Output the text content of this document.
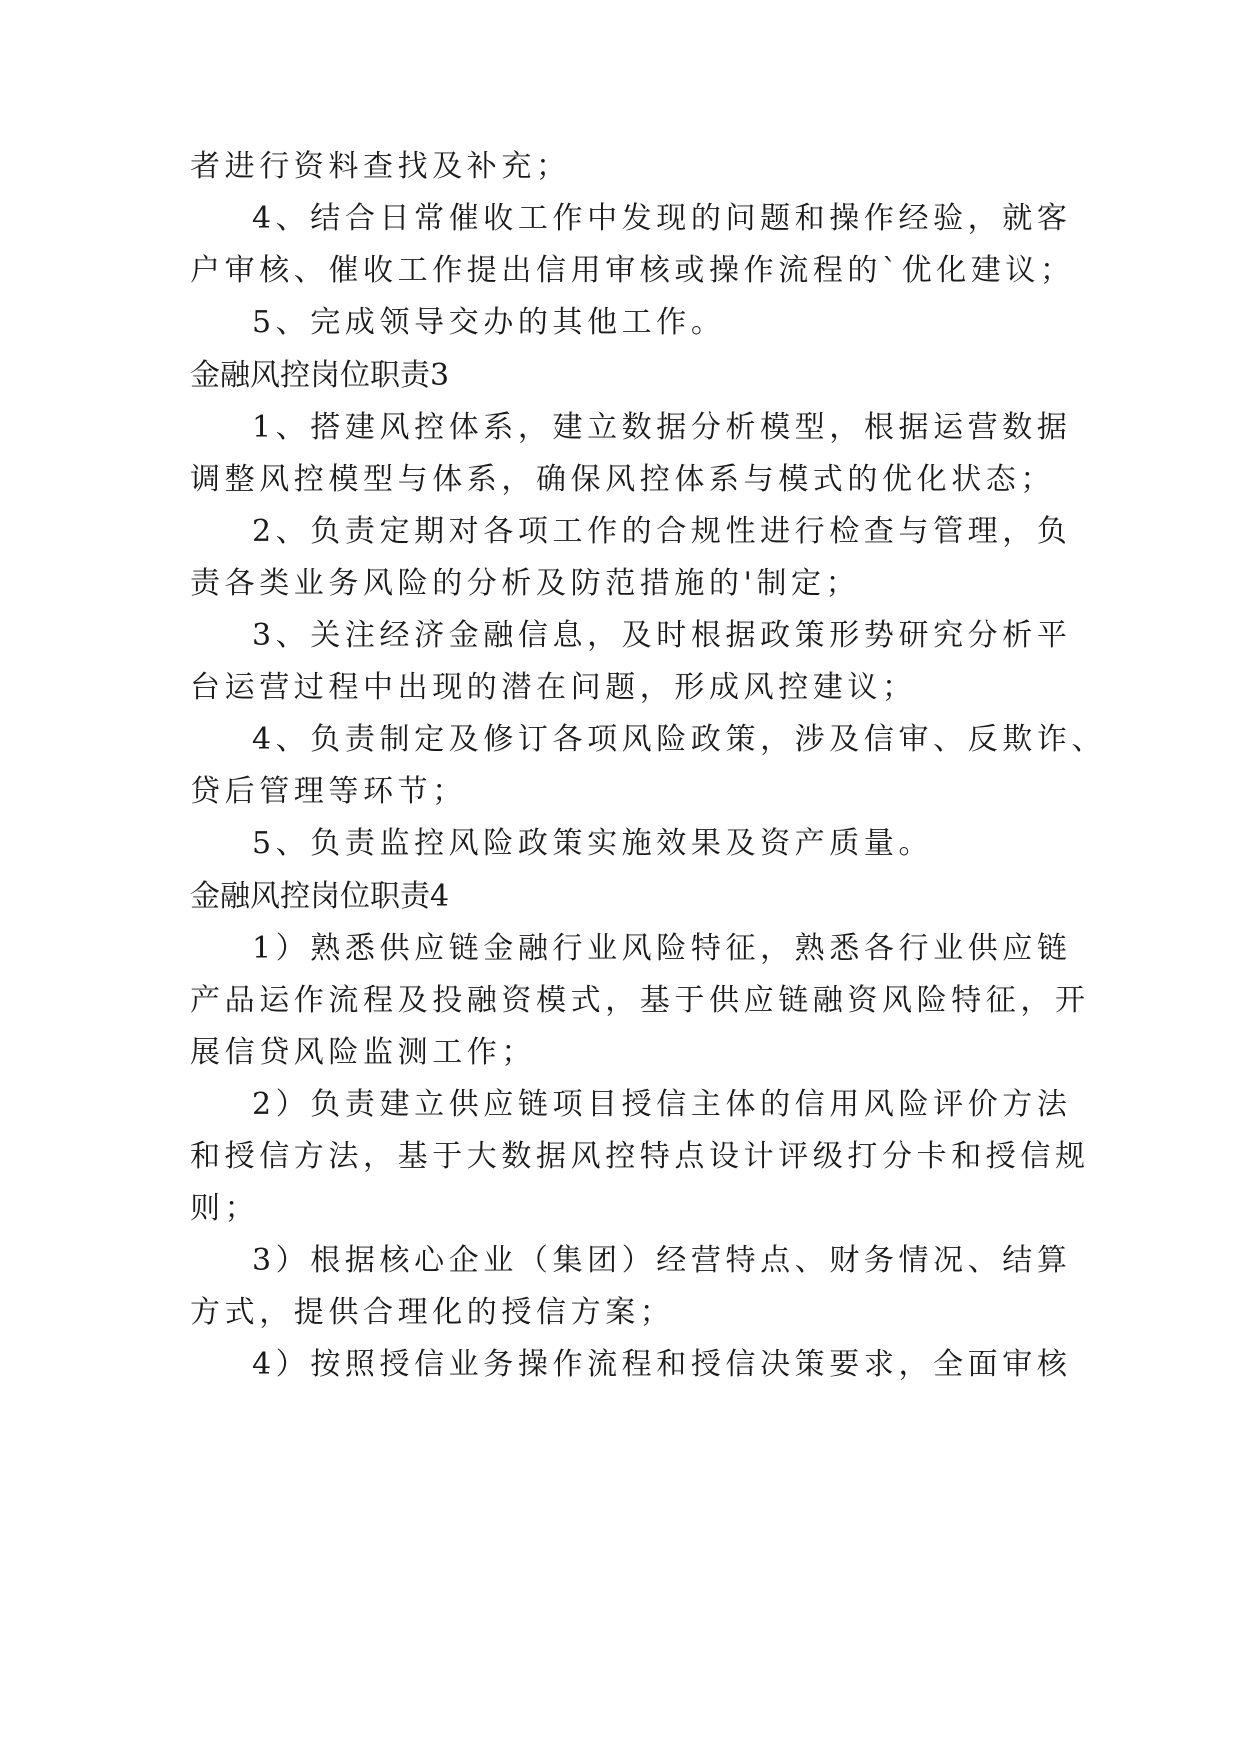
者进行资料查找及补充；
4、结合日常催收工作中发现的问题和操作经验，就客
户审核、催收工作提出信用审核或操作流程的`优化建议；
5、完成领导交办的其他工作。
金融风控岗位职责3
1、搭建风控体系，建立数据分析模型，根据运营数据
调整风控模型与体系，确保风控体系与模式的优化状态；
2、负责定期对各项工作的合规性进行检查与管理，负
责各类业务风险的分析及防范措施的'制定；
3、关注经济金融信息，及时根据政策形势研究分析平
台运营过程中出现的潜在问题，形成风控建议；
4、负责制定及修订各项风险政策，涉及信审、反欺诈、
贷后管理等环节；
5、负责监控风险政策实施效果及资产质量。
金融风控岗位职责4
1）熟悉供应链金融行业风险特征，熟悉各行业供应链
产品运作流程及投融资模式，基于供应链融资风险特征，开
展信贷风险监测工作；
2）负责建立供应链项目授信主体的信用风险评价方法
和授信方法，基于大数据风控特点设计评级打分卡和授信规
则；
3）根据核心企业（集团）经营特点、财务情况、结算
方式，提供合理化的授信方案；
4）按照授信业务操作流程和授信决策要求，全面审核
